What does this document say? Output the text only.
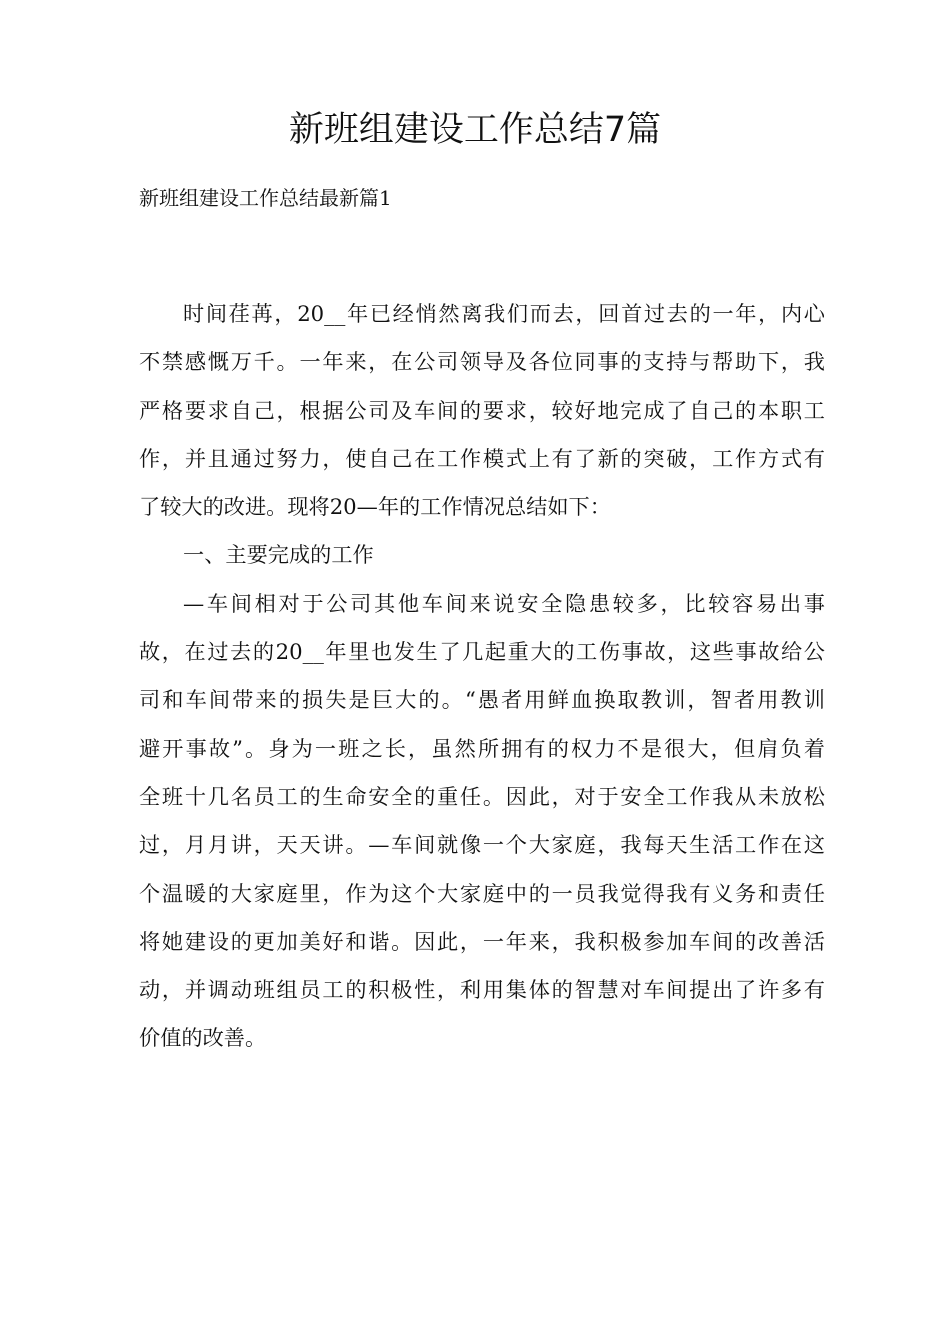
新班组建设工作总结7篇

新班组建设工作总结最新篇1

时间荏苒，20__年已经悄然离我们而去，回首过去的一年，内心
不禁感慨万千。一年来，在公司领导及各位同事的支持与帮助下，我
严格要求自己，根据公司及车间的要求，较好地完成了自己的本职工
作，并且通过努力，使自己在工作模式上有了新的突破，工作方式有
了较大的改进。现将20—年的工作情况总结如下：
一、主要完成的工作
—车间相对于公司其他车间来说安全隐患较多，比较容易出事
故，在过去的20__年里也发生了几起重大的工伤事故，这些事故给公
司和车间带来的损失是巨大的。“愚者用鲜血换取教训，智者用教训
避开事故”。身为一班之长，虽然所拥有的权力不是很大，但肩负着
全班十几名员工的生命安全的重任。因此，对于安全工作我从未放松
过，月月讲，天天讲。—车间就像一个大家庭，我每天生活工作在这
个温暖的大家庭里，作为这个大家庭中的一员我觉得我有义务和责任
将她建设的更加美好和谐。因此，一年来，我积极参加车间的改善活
动，并调动班组员工的积极性，利用集体的智慧对车间提出了许多有
价值的改善。
